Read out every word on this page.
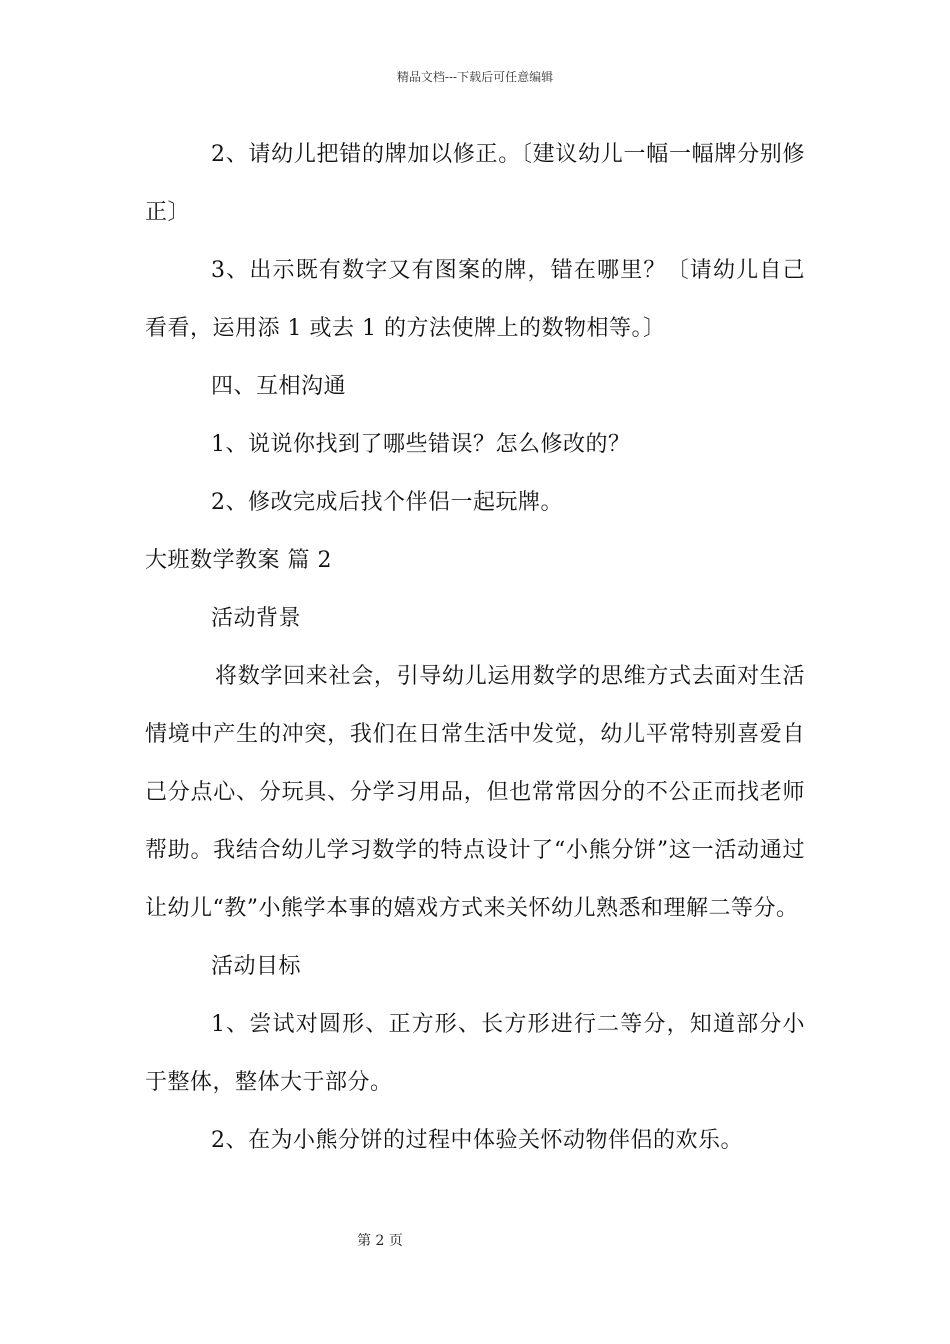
精品文档---下载后可任意编辑

2、请幼儿把错的牌加以修正。〔建议幼儿一幅一幅牌分别修正〕

3、出示既有数字又有图案的牌，错在哪里？〔请幼儿自己看看，运用添 1 或去 1 的方法使牌上的数物相等。〕

四、互相沟通

1、说说你找到了哪些错误？怎么修改的？

2、修改完成后找个伴侣一起玩牌。

大班数学教案 篇 2

活动背景

将数学回来社会，引导幼儿运用数学的思维方式去面对生活情境中产生的冲突，我们在日常生活中发觉，幼儿平常特别喜爱自己分点心、分玩具、分学习用品，但也常常因分的不公正而找老师帮助。我结合幼儿学习数学的特点设计了“小熊分饼”这一活动通过让幼儿“教”小熊学本事的嬉戏方式来关怀幼儿熟悉和理解二等分。

活动目标

1、尝试对圆形、正方形、长方形进行二等分，知道部分小于整体，整体大于部分。

2、在为小熊分饼的过程中体验关怀动物伴侣的欢乐。

第 2 页
